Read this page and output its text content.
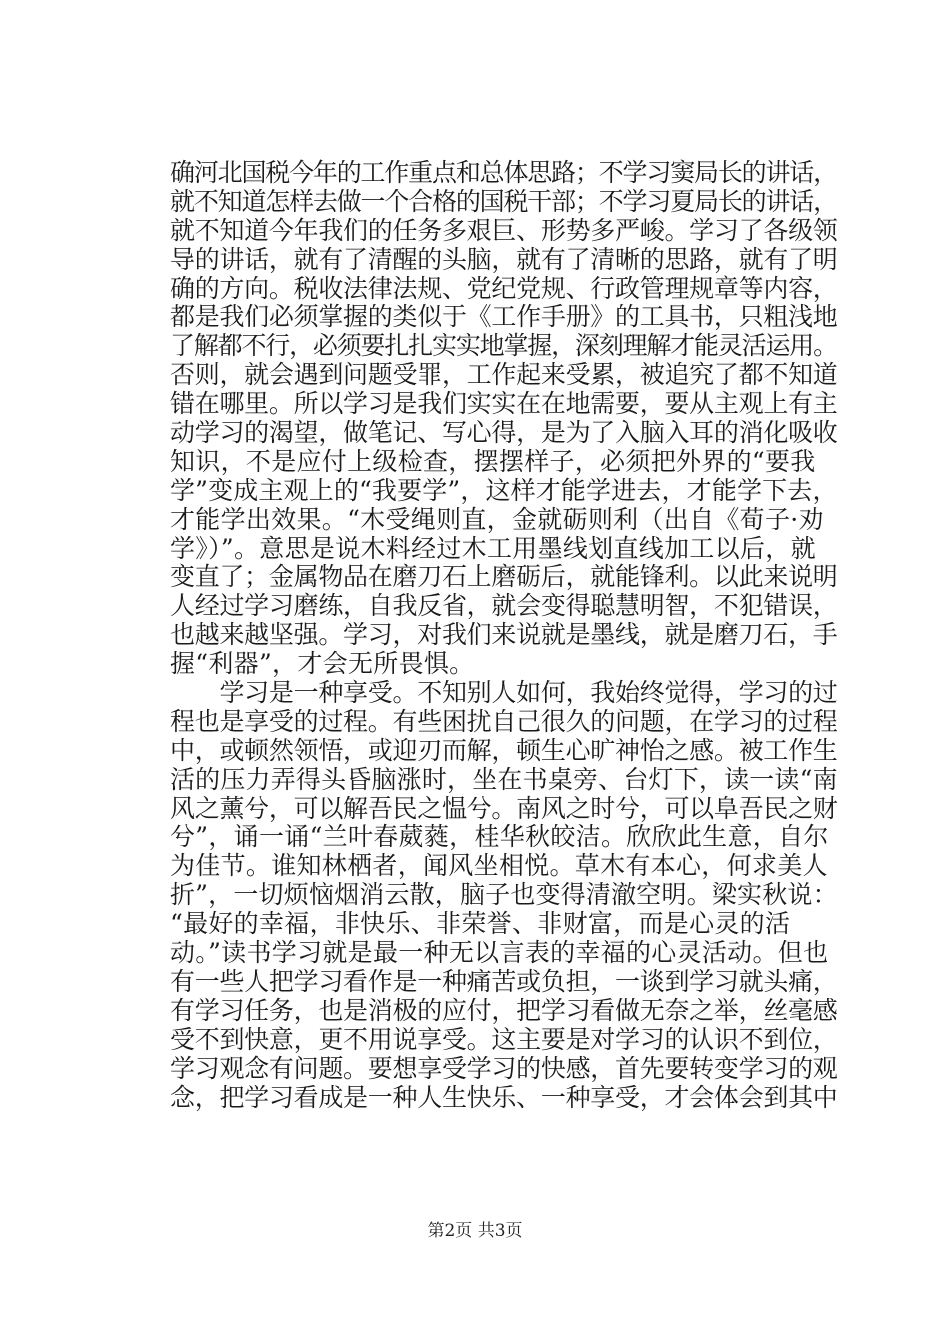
确河北国税今年的工作重点和总体思路；不学习窦局长的讲话，
就不知道怎样去做一个合格的国税干部；不学习夏局长的讲话，
就不知道今年我们的任务多艰巨、形势多严峻。学习了各级领
导的讲话，就有了清醒的头脑，就有了清晰的思路，就有了明
确的方向。税收法律法规、党纪党规、行政管理规章等内容，
都是我们必须掌握的类似于《工作手册》的工具书，只粗浅地
了解都不行，必须要扎扎实实地掌握，深刻理解才能灵活运用。
否则，就会遇到问题受罪，工作起来受累，被追究了都不知道
错在哪里。所以学习是我们实实在在地需要，要从主观上有主
动学习的渴望，做笔记、写心得，是为了入脑入耳的消化吸收
知识，不是应付上级检查，摆摆样子，必须把外界的“要我
学”变成主观上的“我要学”，这样才能学进去，才能学下去，
才能学出效果。“木受绳则直，金就砺则利（出自《荀子·劝
学》）”。意思是说木料经过木工用墨线划直线加工以后，就
变直了；金属物品在磨刀石上磨砺后，就能锋利。以此来说明
人经过学习磨练，自我反省，就会变得聪慧明智，不犯错误，
也越来越坚强。学习，对我们来说就是墨线，就是磨刀石，手
握“利器”，才会无所畏惧。
　　学习是一种享受。不知别人如何，我始终觉得，学习的过
程也是享受的过程。有些困扰自己很久的问题，在学习的过程
中，或顿然领悟，或迎刃而解，顿生心旷神怡之感。被工作生
活的压力弄得头昏脑涨时，坐在书桌旁、台灯下，读一读“南
风之薰兮，可以解吾民之愠兮。南风之时兮，可以阜吾民之财
兮”，诵一诵“兰叶春葳蕤，桂华秋皎洁。欣欣此生意，自尔
为佳节。谁知林栖者，闻风坐相悦。草木有本心，何求美人
折”，一切烦恼烟消云散，脑子也变得清澈空明。梁实秋说：
“最好的幸福，非快乐、非荣誉、非财富，而是心灵的活
动。”读书学习就是最一种无以言表的幸福的心灵活动。但也
有一些人把学习看作是一种痛苦或负担，一谈到学习就头痛，
有学习任务，也是消极的应付，把学习看做无奈之举，丝毫感
受不到快意，更不用说享受。这主要是对学习的认识不到位，
学习观念有问题。要想享受学习的快感，首先要转变学习的观
念，把学习看成是一种人生快乐、一种享受，才会体会到其中
第2页 共3页
